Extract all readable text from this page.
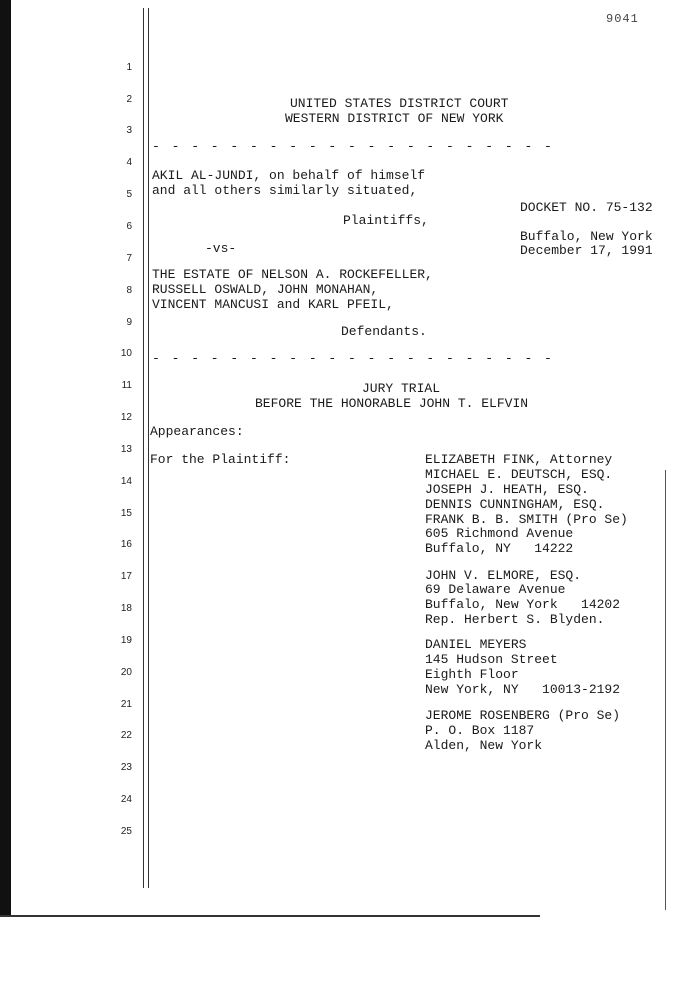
9041
1
2
3
4
5
6
7
8
9
10
11
12
13
14
15
16
17
18
19
20
21
22
23
24
25
UNITED STATES DISTRICT COURT
WESTERN DISTRICT OF NEW YORK
- - - - - - - - - - - - - - - - - - - - -
AKIL AL-JUNDI, on behalf of himself
and all others similarly situated,
DOCKET NO. 75-132
Plaintiffs,
Buffalo, New York
-vs-	December 17, 1991
THE ESTATE OF NELSON A. ROCKEFELLER,
RUSSELL OSWALD, JOHN MONAHAN,
VINCENT MANCUSI and KARL PFEIL,
Defendants.
- - - - - - - - - - - - - - - - - - - - -
JURY TRIAL
BEFORE THE HONORABLE JOHN T. ELFVIN
Appearances:
For the Plaintiff:	ELIZABETH FINK, Attorney
MICHAEL E. DEUTSCH, ESQ.
JOSEPH J. HEATH, ESQ.
DENNIS CUNNINGHAM, ESQ.
FRANK B. B. SMITH (Pro Se)
605 Richmond Avenue
Buffalo, NY   14222
JOHN V. ELMORE, ESQ.
69 Delaware Avenue
Buffalo, New York   14202
Rep. Herbert S. Blyden.
DANIEL MEYERS
145 Hudson Street
Eighth Floor
New York, NY   10013-2192
JEROME ROSENBERG (Pro Se)
P. O. Box 1187
Alden, New York
